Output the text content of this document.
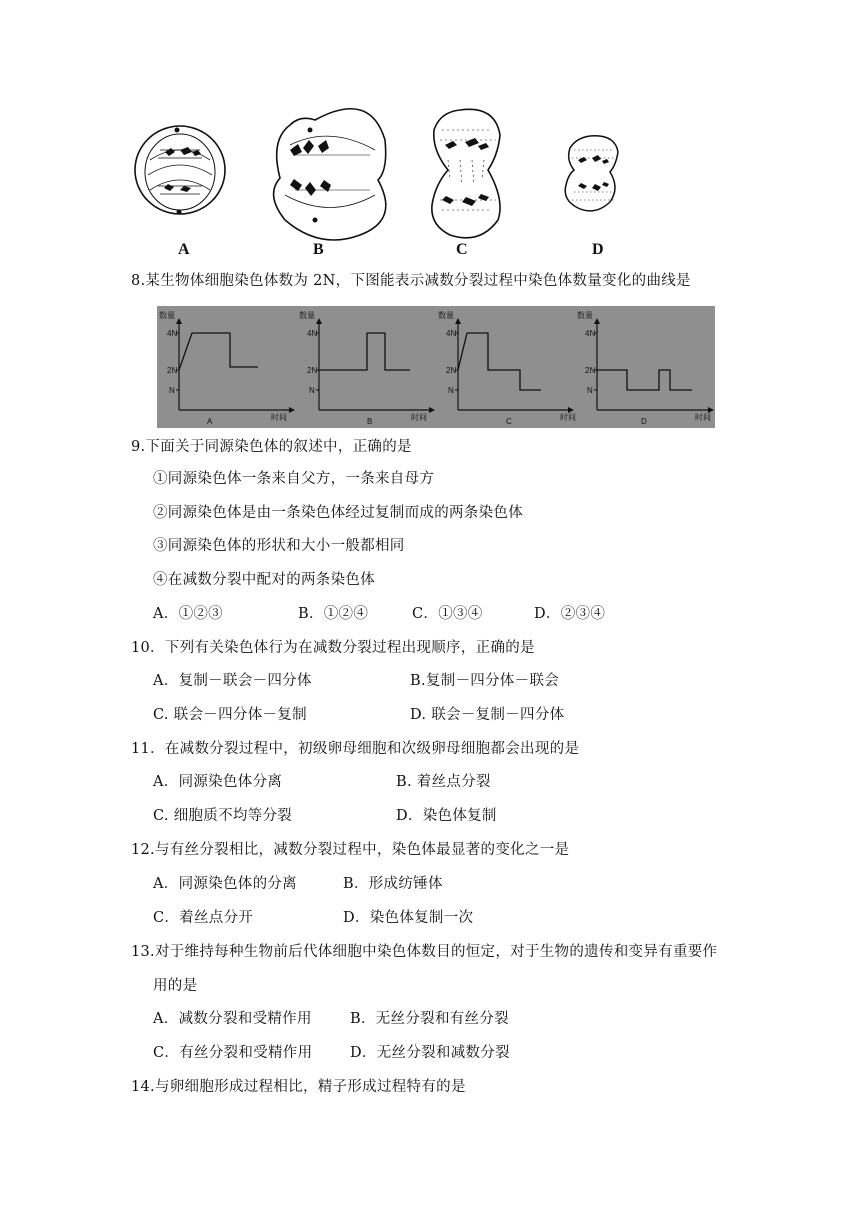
A	B	C	D
8.某生物体细胞染色体数为 2N，下图能表示减数分裂过程中染色体数量变化的曲线是
数量
4N
2N
N
A	时间
数量
4N
2N
N
B	时间
数量
4N
2N
N
C	时间
数量
4N
2N
N
D	时间
9.下面关于同源染色体的叙述中，正确的是
①同源染色体一条来自父方，一条来自母方
②同源染色体是由一条染色体经过复制而成的两条染色体
③同源染色体的形状和大小一般都相同
④在减数分裂中配对的两条染色体
A．①②③	B．①②④	C．①③④	D．②③④
10．下列有关染色体行为在减数分裂过程出现顺序，正确的是
A．复制－联会－四分体	B.复制－四分体－联会
C. 联会－四分体－复制	D. 联会－复制－四分体
11．在减数分裂过程中，初级卵母细胞和次级卵母细胞都会出现的是
A．同源染色体分离	B. 着丝点分裂
C. 细胞质不均等分裂	D．染色体复制
12.与有丝分裂相比，减数分裂过程中，染色体最显著的变化之一是
A．同源染色体的分离	B．形成纺锤体
C．着丝点分开	D．染色体复制一次
13.对于维持每种生物前后代体细胞中染色体数目的恒定，对于生物的遗传和变异有重要作
用的是
A．减数分裂和受精作用	B．无丝分裂和有丝分裂
C．有丝分裂和受精作用	D．无丝分裂和减数分裂
14.与卵细胞形成过程相比，精子形成过程特有的是
